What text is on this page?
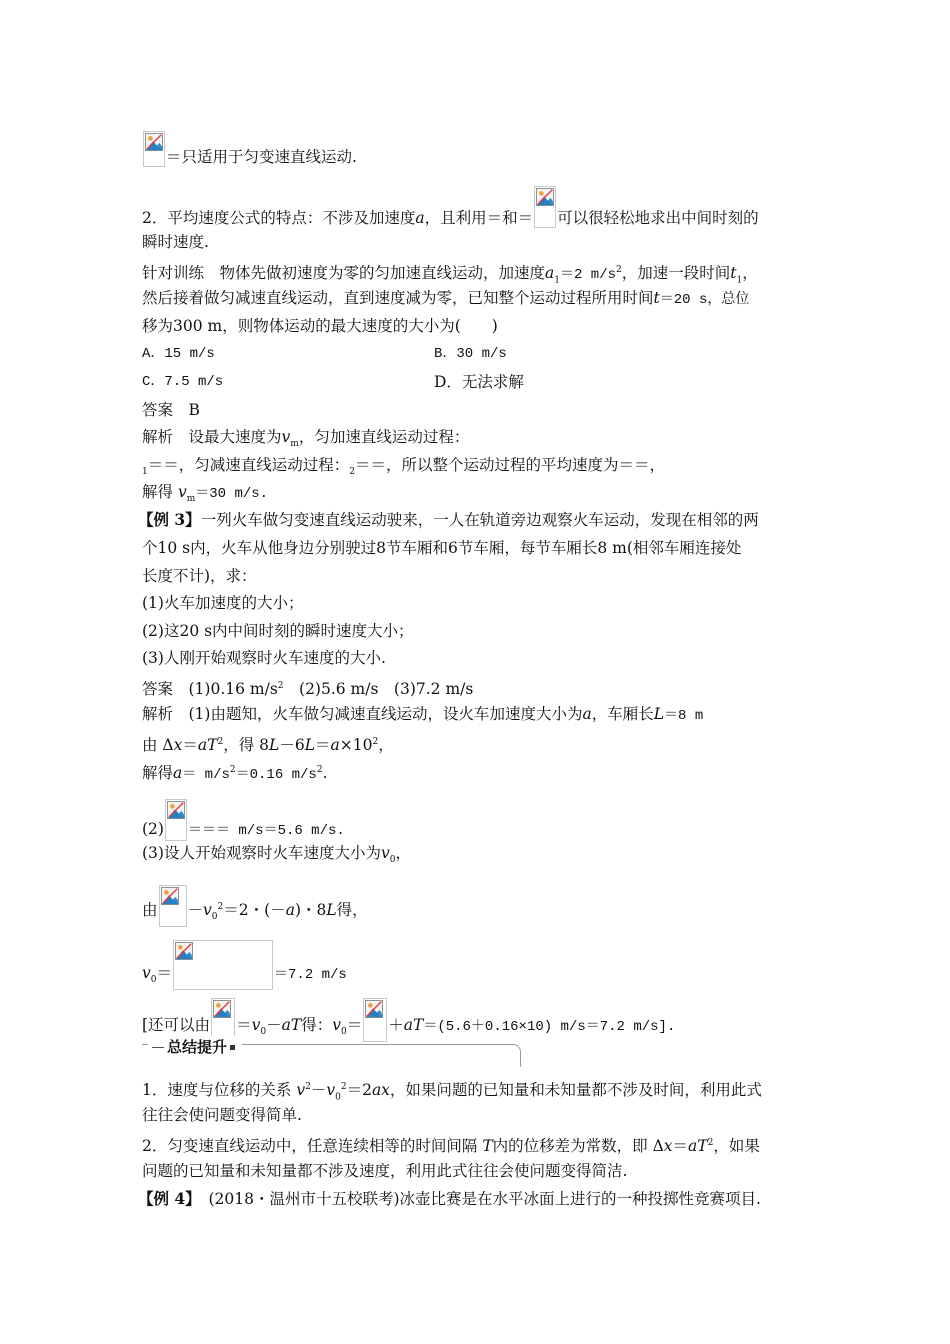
＝只适用于匀变速直线运动.
2．平均速度公式的特点：不涉及加速度a，且利用＝和＝ 可以很轻松地求出中间时刻的
瞬时速度.
针对训练　物体先做初速度为零的匀加速直线运动，加速度$a_1=2$ $m/s^2$，加速一段时间$t_1$，
然后接着做匀减速直线运动，直到速度减为零，已知整个运动过程所用时间t＝20 s，总位
移为300 m，则物体运动的最大速度的大小为(　　)
A．15 m/s	B．30 m/s
C．7.5 m/s	D．无法求解
答案　B
解析　设最大速度为$v_m$，匀加速直线运动过程：
$_1$＝＝，匀减速直线运动过程：$_2$＝＝，所以整个运动过程的平均速度为＝＝，
解得 $v_m=30$ m/s.
【例 3】一列火车做匀变速直线运动驶来，一人在轨道旁边观察火车运动，发现在相邻的两
个10 s内，火车从他身边分别驶过8节车厢和6节车厢，每节车厢长8 m(相邻车厢连接处
长度不计)，求：
(1)火车加速度的大小；
(2)这20 s内中间时刻的瞬时速度大小；
(3)人刚开始观察时火车速度的大小.
答案　(1)0.16 $m/s^2$　(2)5.6 m/s　(3)7.2 m/s
解析　(1)由题知，火车做匀减速直线运动，设火车加速度大小为a，车厢长L＝8 m
由 $\Delta x=aT^2$，得 $8L-6L=a\times 10^2$，
解得$a= m/s^2=0.16$ $m/s^2$.
(2) ＝＝＝ m/s＝5.6 m/s.
(3)设人开始观察时火车速度大小为$v_0$，
由 $-v_0^2=2$・(－a)・8L得，
$v_0=$	＝7.2 m/s
[还可以由 $=v_0-aT$得：$v_0= +aT=(5.6+0.16\times 10)$ m/s＝7.2 m/s].
总结提升
1．速度与位移的关系 $v^2-v_0^2=2ax$，如果问题的已知量和未知量都不涉及时间，利用此式
往往会使问题变得简单.
2．匀变速直线运动中，任意连续相等的时间间隔 T内的位移差为常数，即 $\Delta x=aT^2$，如果
问题的已知量和未知量都不涉及速度，利用此式往往会使问题变得简洁.
【例 4】　 (2018・温州市十五校联考)冰壶比赛是在水平冰面上进行的一种投掷性竞赛项目.
